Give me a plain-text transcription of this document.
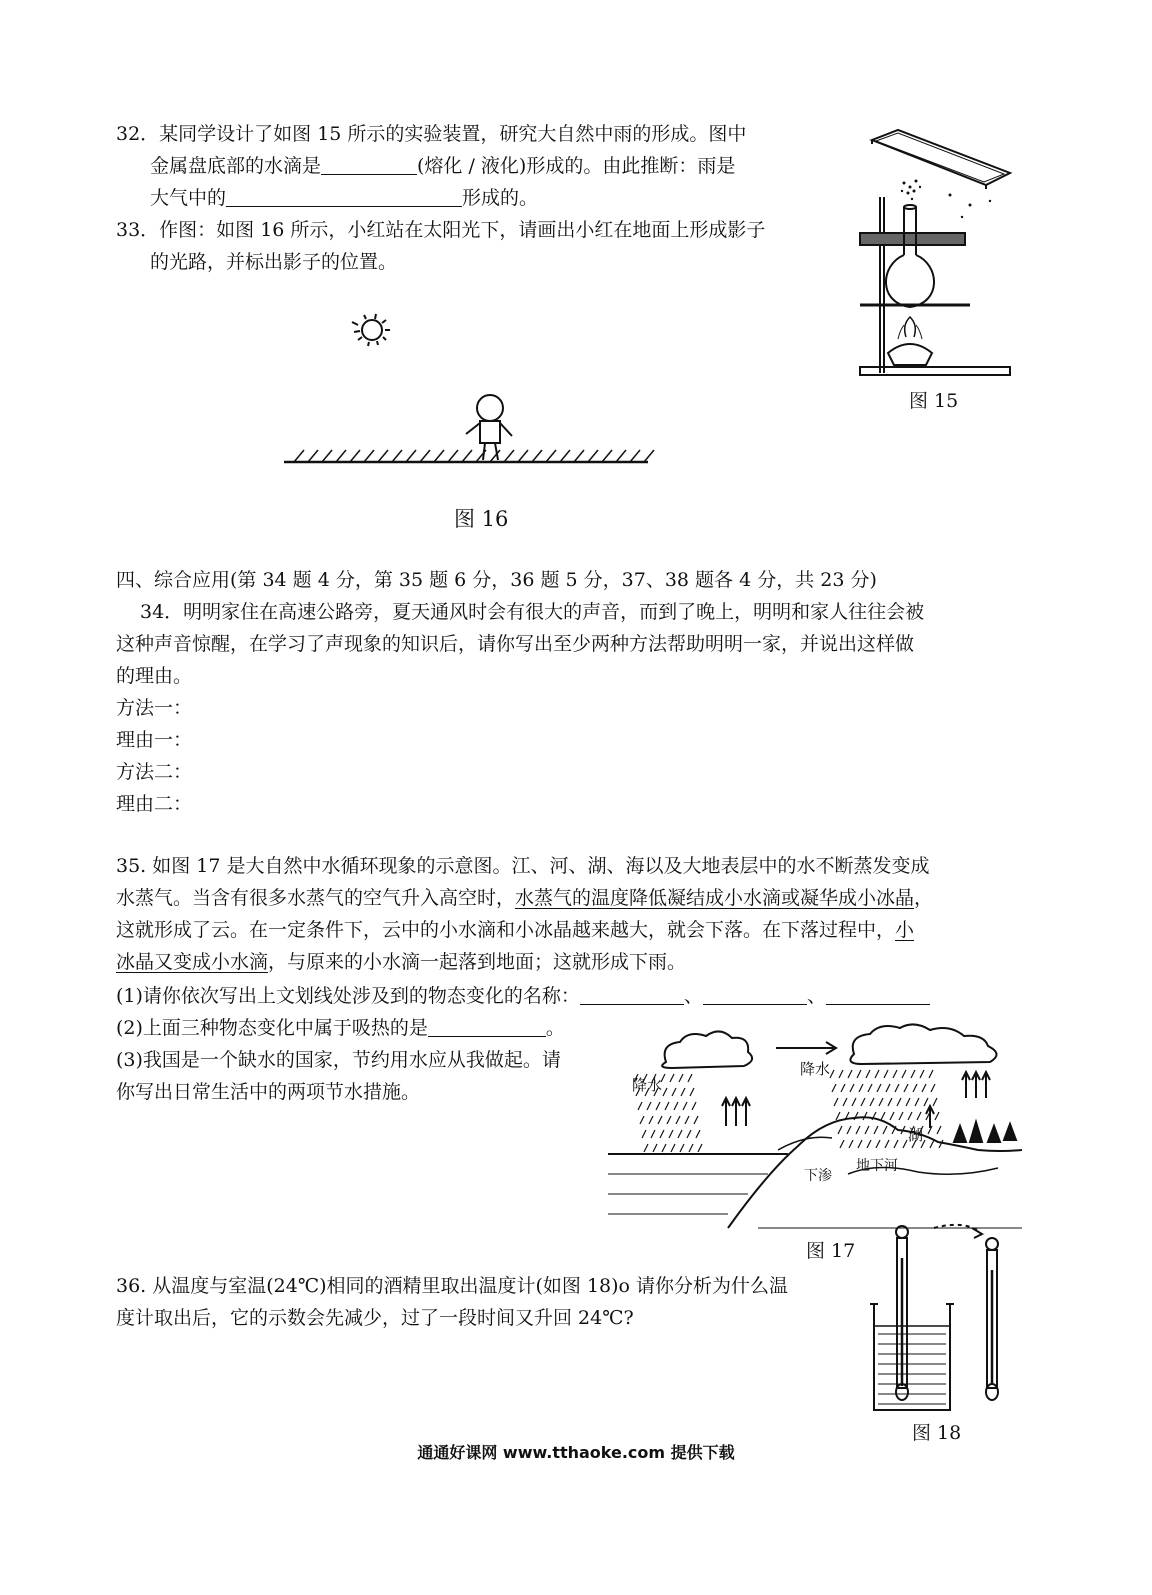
32．某同学设计了如图 15 所示的实验装置，研究大自然中雨的形成。图中
金属盘底部的水滴是	(熔化 / 液化)形成的。由此推断：雨是
大气中的	形成的。
33．作图：如图 16 所示，小红站在太阳光下，请画出小红在地面上形成影子
的光路，并标出影子的位置。
图 15
图 16
四、综合应用(第 34 题 4 分，第 35 题 6 分，36 题 5 分，37、38 题各 4 分，共 23 分)
34．明明家住在高速公路旁，夏天通风时会有很大的声音，而到了晚上，明明和家人往往会被
这种声音惊醒，在学习了声现象的知识后，请你写出至少两种方法帮助明明一家，并说出这样做
的理由。
方法一：
理由一：
方法二：
理由二：
35. 如图 17 是大自然中水循环现象的示意图。江、河、湖、海以及大地表层中的水不断蒸发变成
水蒸气。当含有很多水蒸气的空气升入高空时，水蒸气的温度降低凝结成小水滴或凝华成小冰晶，
这就形成了云。在一定条件下，云中的小水滴和小冰晶越来越大，就会下落。在下落过程中，小
冰晶又变成小水滴，与原来的小水滴一起落到地面；这就形成下雨。
(1)请你依次写出上文划线处涉及到的物态变化的名称：	、	、
(2)上面三种物态变化中属于吸热的是	。
(3)我国是一个缺水的国家，节约用水应从我做起。请
你写出日常生活中的两项节水措施。	降水
降水
湖
下渗
地下河
图 17
36. 从温度与室温(24℃)相同的酒精里取出温度计(如图 18)o 请你分析为什么温
度计取出后，它的示数会先减少，过了一段时间又升回 24℃?
图 18
通通好课网 www.tthaoke.com 提供下载
